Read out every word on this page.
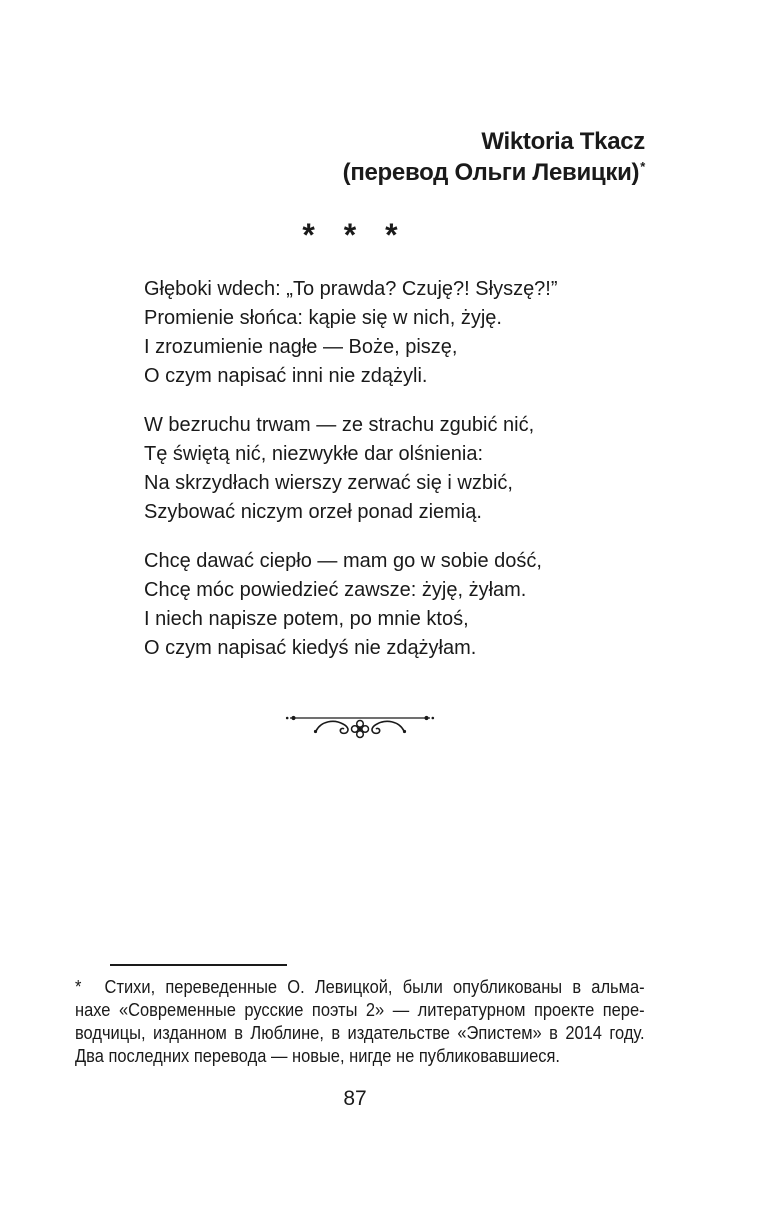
Wiktoria Tkacz
(перевод Ольги Левицки)*
* * *
Głęboki wdech: „To prawda? Czuję?! Słyszę?!”
Promienie słońca: kąpie się w nich, żyję.
I zrozumienie nagłe — Boże, piszę,
O czym napisać inni nie zdążyli.
W bezruchu trwam — ze strachu zgubić nić,
Tę świętą nić, niezwykłe dar olśnienia:
Na skrzydłach wierszy zerwać się i wzbić,
Szybować niczym orzeł ponad ziemią.
Chcę dawać ciepło — mam go w sobie dość,
Chcę móc powiedzieć zawsze: żyję, żyłam.
I niech napisze potem, po mnie ktoś,
O czym napisać kiedyś nie zdążyłam.
* Стихи, переведенные О. Левицкой, были опубликованы в альма-
нахе «Современные русские поэты 2» — литературном проекте пере-
водчицы, изданном в Люблине, в издательстве «Эпистем» в 2014 году.
Два последних перевода — новые, нигде не публиковавшиеся.
87
